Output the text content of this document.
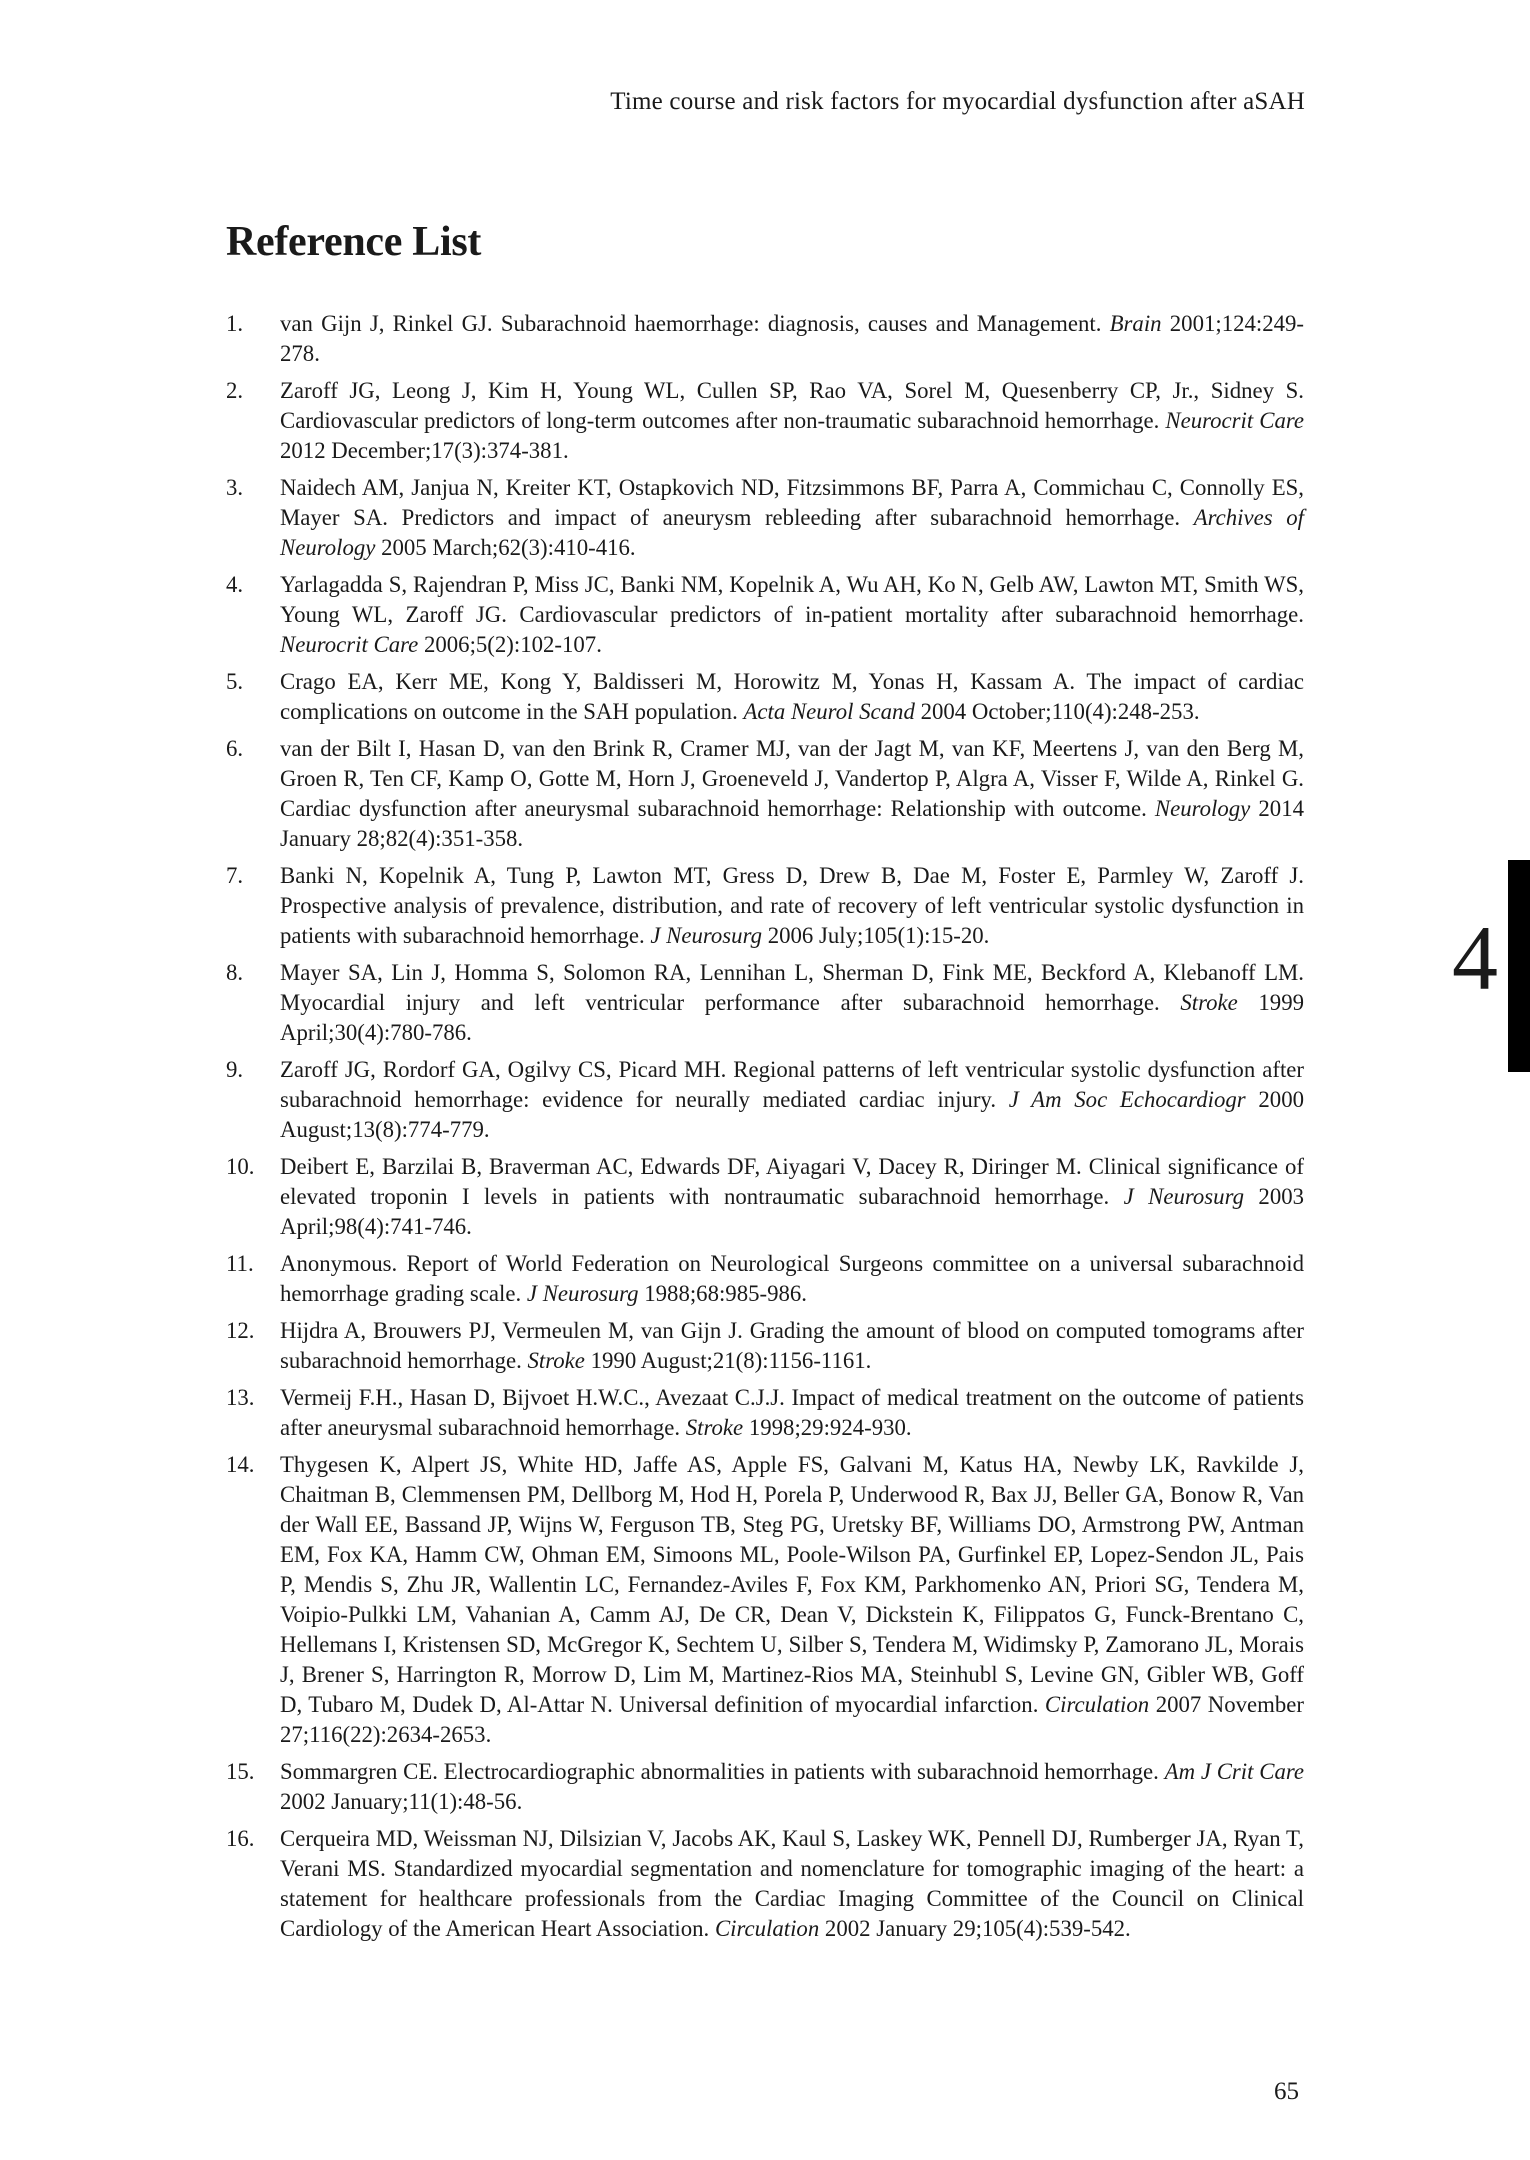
Time course and risk factors for myocardial dysfunction after aSAH
Reference List
1.	van Gijn J, Rinkel GJ. Subarachnoid haemorrhage: diagnosis, causes and Management. Brain 2001;124:249-278.
2.	Zaroff JG, Leong J, Kim H, Young WL, Cullen SP, Rao VA, Sorel M, Quesenberry CP, Jr., Sidney S. Cardiovascular predictors of long-term outcomes after non-traumatic subarachnoid hemorrhage. Neurocrit Care 2012 December;17(3):374-381.
3.	Naidech AM, Janjua N, Kreiter KT, Ostapkovich ND, Fitzsimmons BF, Parra A, Commichau C, Connolly ES, Mayer SA. Predictors and impact of aneurysm rebleeding after subarachnoid hemorrhage. Archives of Neurology 2005 March;62(3):410-416.
4.	Yarlagadda S, Rajendran P, Miss JC, Banki NM, Kopelnik A, Wu AH, Ko N, Gelb AW, Lawton MT, Smith WS, Young WL, Zaroff JG. Cardiovascular predictors of in-patient mortality after subarachnoid hemorrhage. Neurocrit Care 2006;5(2):102-107.
5.	Crago EA, Kerr ME, Kong Y, Baldisseri M, Horowitz M, Yonas H, Kassam A. The impact of cardiac complications on outcome in the SAH population. Acta Neurol Scand 2004 October;110(4):248-253.
6.	van der Bilt I, Hasan D, van den Brink R, Cramer MJ, van der Jagt M, van KF, Meertens J, van den Berg M, Groen R, Ten CF, Kamp O, Gotte M, Horn J, Groeneveld J, Vandertop P, Algra A, Visser F, Wilde A, Rinkel G. Cardiac dysfunction after aneurysmal subarachnoid hemorrhage: Relationship with outcome. Neurology 2014 January 28;82(4):351-358.
7.	Banki N, Kopelnik A, Tung P, Lawton MT, Gress D, Drew B, Dae M, Foster E, Parmley W, Zaroff J. Prospective analysis of prevalence, distribution, and rate of recovery of left ventricular systolic dysfunction in patients with subarachnoid hemorrhage. J Neurosurg 2006 July;105(1):15-20.
8.	Mayer SA, Lin J, Homma S, Solomon RA, Lennihan L, Sherman D, Fink ME, Beckford A, Klebanoff LM. Myocardial injury and left ventricular performance after subarachnoid hemorrhage. Stroke 1999 April;30(4):780-786.
9.	Zaroff JG, Rordorf GA, Ogilvy CS, Picard MH. Regional patterns of left ventricular systolic dysfunction after subarachnoid hemorrhage: evidence for neurally mediated cardiac injury. J Am Soc Echocardiogr 2000 August;13(8):774-779.
10.	Deibert E, Barzilai B, Braverman AC, Edwards DF, Aiyagari V, Dacey R, Diringer M. Clinical significance of elevated troponin I levels in patients with nontraumatic subarachnoid hemorrhage. J Neurosurg 2003 April;98(4):741-746.
11.	Anonymous. Report of World Federation on Neurological Surgeons committee on a universal subarachnoid hemorrhage grading scale. J Neurosurg 1988;68:985-986.
12.	Hijdra A, Brouwers PJ, Vermeulen M, van Gijn J. Grading the amount of blood on computed tomograms after subarachnoid hemorrhage. Stroke 1990 August;21(8):1156-1161.
13.	Vermeij F.H., Hasan D, Bijvoet H.W.C., Avezaat C.J.J. Impact of medical treatment on the outcome of patients after aneurysmal subarachnoid hemorrhage. Stroke 1998;29:924-930.
14.	Thygesen K, Alpert JS, White HD, Jaffe AS, Apple FS, Galvani M, Katus HA, Newby LK, Ravkilde J, Chaitman B, Clemmensen PM, Dellborg M, Hod H, Porela P, Underwood R, Bax JJ, Beller GA, Bonow R, Van der Wall EE, Bassand JP, Wijns W, Ferguson TB, Steg PG, Uretsky BF, Williams DO, Armstrong PW, Antman EM, Fox KA, Hamm CW, Ohman EM, Simoons ML, Poole-Wilson PA, Gurfinkel EP, Lopez-Sendon JL, Pais P, Mendis S, Zhu JR, Wallentin LC, Fernandez-Aviles F, Fox KM, Parkhomenko AN, Priori SG, Tendera M, Voipio-Pulkki LM, Vahanian A, Camm AJ, De CR, Dean V, Dickstein K, Filippatos G, Funck-Brentano C, Hellemans I, Kristensen SD, McGregor K, Sechtem U, Silber S, Tendera M, Widimsky P, Zamorano JL, Morais J, Brener S, Harrington R, Morrow D, Lim M, Martinez-Rios MA, Steinhubl S, Levine GN, Gibler WB, Goff D, Tubaro M, Dudek D, Al-Attar N. Universal definition of myocardial infarction. Circulation 2007 November 27;116(22):2634-2653.
15.	Sommargren CE. Electrocardiographic abnormalities in patients with subarachnoid hemorrhage. Am J Crit Care 2002 January;11(1):48-56.
16.	Cerqueira MD, Weissman NJ, Dilsizian V, Jacobs AK, Kaul S, Laskey WK, Pennell DJ, Rumberger JA, Ryan T, Verani MS. Standardized myocardial segmentation and nomenclature for tomographic imaging of the heart: a statement for healthcare professionals from the Cardiac Imaging Committee of the Council on Clinical Cardiology of the American Heart Association. Circulation 2002 January 29;105(4):539-542.
4
65
